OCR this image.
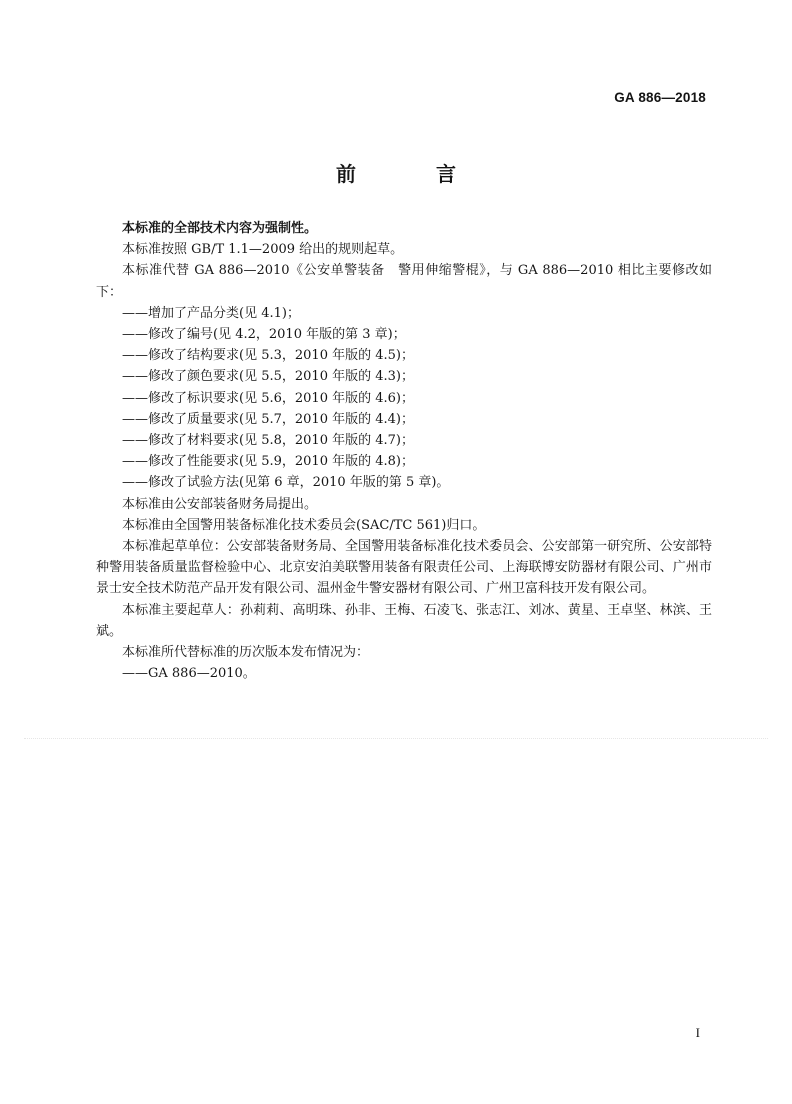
GA 886—2018
前　言

本标准的全部技术内容为强制性。

本标准按照 GB/T 1.1—2009 给出的规则起草。

本标准代替 GA 886—2010《公安单警装备　警用伸缩警棍》，与 GA 886—2010 相比主要修改如下：

——增加了产品分类(见 4.1)；

——修改了编号(见 4.2，2010 年版的第 3 章)；

——修改了结构要求(见 5.3，2010 年版的 4.5)；

——修改了颜色要求(见 5.5，2010 年版的 4.3)；

——修改了标识要求(见 5.6，2010 年版的 4.6)；

——修改了质量要求(见 5.7，2010 年版的 4.4)；

——修改了材料要求(见 5.8，2010 年版的 4.7)；

——修改了性能要求(见 5.9，2010 年版的 4.8)；

——修改了试验方法(见第 6 章，2010 年版的第 5 章)。

本标准由公安部装备财务局提出。

本标准由全国警用装备标准化技术委员会(SAC/TC 561)归口。

本标准起草单位：公安部装备财务局、全国警用装备标准化技术委员会、公安部第一研究所、公安部特种警用装备质量监督检验中心、北京安泊美联警用装备有限责任公司、上海联博安防器材有限公司、广州市景士安全技术防范产品开发有限公司、温州金牛警安器材有限公司、广州卫富科技开发有限公司。

本标准主要起草人：孙莉莉、高明珠、孙非、王梅、石凌飞、张志江、刘冰、黄星、王卓坚、林滨、王斌。

本标准所代替标准的历次版本发布情况为：

——GA 886—2010。

I
